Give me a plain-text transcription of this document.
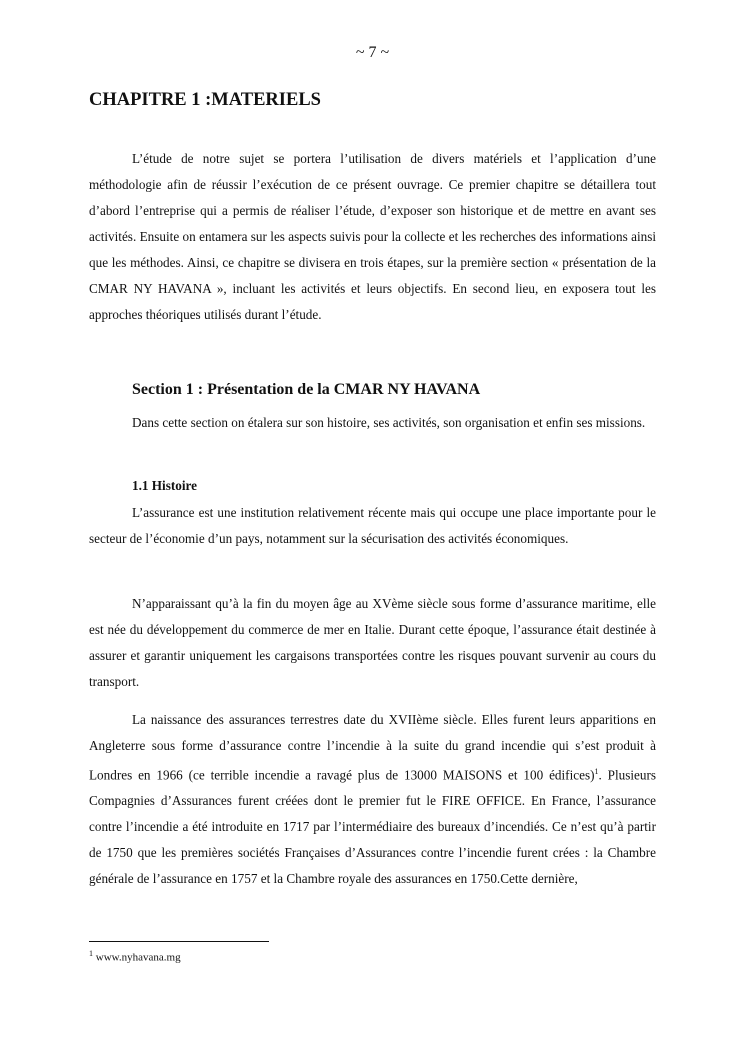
~ 7 ~
CHAPITRE 1 :MATERIELS

L’étude de notre sujet se portera l’utilisation de divers matériels et l’application d’une méthodologie afin de réussir l’exécution de ce présent ouvrage. Ce premier chapitre se détaillera tout d’abord l’entreprise qui a permis de réaliser l’étude, d’exposer son historique et de mettre en avant ses activités. Ensuite on entamera sur les aspects suivis pour la collecte et les recherches des informations ainsi que les méthodes. Ainsi, ce chapitre se divisera en trois étapes, sur la première section « présentation de la CMAR NY HAVANA », incluant les activités et leurs objectifs. En second lieu, en exposera tout les approches théoriques utilisés durant l’étude.

Section 1 : Présentation de la CMAR NY HAVANA

Dans cette section on étalera sur son histoire, ses activités, son organisation et enfin ses missions.

1.1 Histoire

L’assurance est une institution relativement récente mais qui occupe une place importante pour le secteur de l’économie d’un pays, notamment sur la sécurisation des activités économiques.

N’apparaissant qu’à la fin du moyen âge au XVème siècle sous forme d’assurance maritime, elle est née du développement du commerce de mer en Italie. Durant cette époque, l’assurance était destinée à assurer et garantir uniquement les cargaisons transportées contre les risques pouvant survenir au cours du transport.

La naissance des assurances terrestres date du XVIIème siècle. Elles furent leurs apparitions en Angleterre sous forme d’assurance contre l’incendie à la suite du grand incendie qui s’est produit à Londres en 1966 (ce terrible incendie a ravagé plus de 13000 MAISONS et 100 édifices)$^1$. Plusieurs Compagnies d’Assurances furent créées dont le premier fut le FIRE OFFICE. En France, l’assurance contre l’incendie a été introduite en 1717 par l’intermédiaire des bureaux d’incendiés. Ce n’est qu’à partir de 1750 que les premières sociétés Françaises d’Assurances contre l’incendie furent crées : la Chambre générale de l’assurance en 1757 et la Chambre royale des assurances en 1750.Cette dernière,

$^1$ www.nyhavana.mg
